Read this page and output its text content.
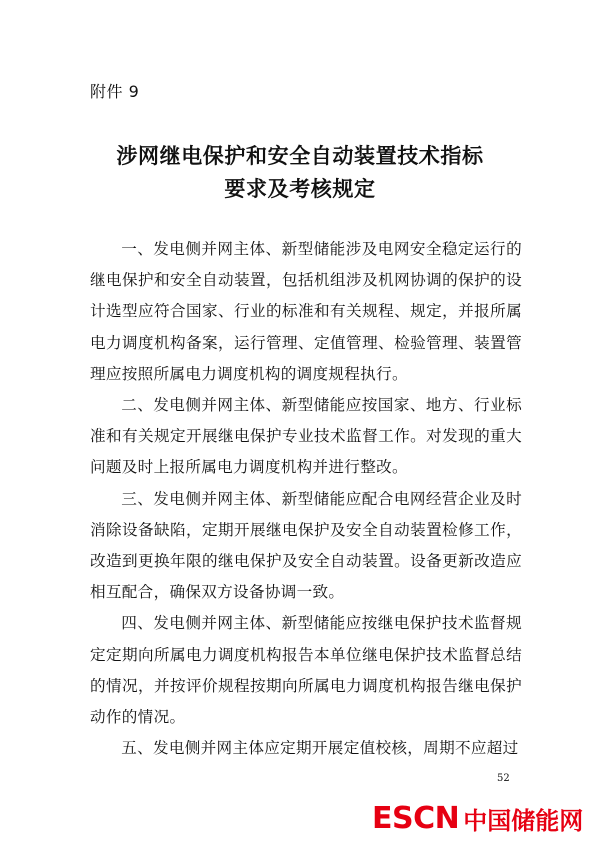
附件 9
涉网继电保护和安全自动装置技术指标
要求及考核规定

一、发电侧并网主体、新型储能涉及电网安全稳定运行的继电保护和安全自动装置，包括机组涉及机网协调的保护的设计选型应符合国家、行业的标准和有关规程、规定，并报所属电力调度机构备案，运行管理、定值管理、检验管理、装置管理应按照所属电力调度机构的调度规程执行。

二、发电侧并网主体、新型储能应按国家、地方、行业标准和有关规定开展继电保护专业技术监督工作。对发现的重大问题及时上报所属电力调度机构并进行整改。

三、发电侧并网主体、新型储能应配合电网经营企业及时消除设备缺陷，定期开展继电保护及安全自动装置检修工作，改造到更换年限的继电保护及安全自动装置。设备更新改造应相互配合，确保双方设备协调一致。

四、发电侧并网主体、新型储能应按继电保护技术监督规定定期向所属电力调度机构报告本单位继电保护技术监督总结的情况，并按评价规程按期向所属电力调度机构报告继电保护动作的情况。

五、发电侧并网主体应定期开展定值校核，周期不应超过

52
ESCN 中国储能网
